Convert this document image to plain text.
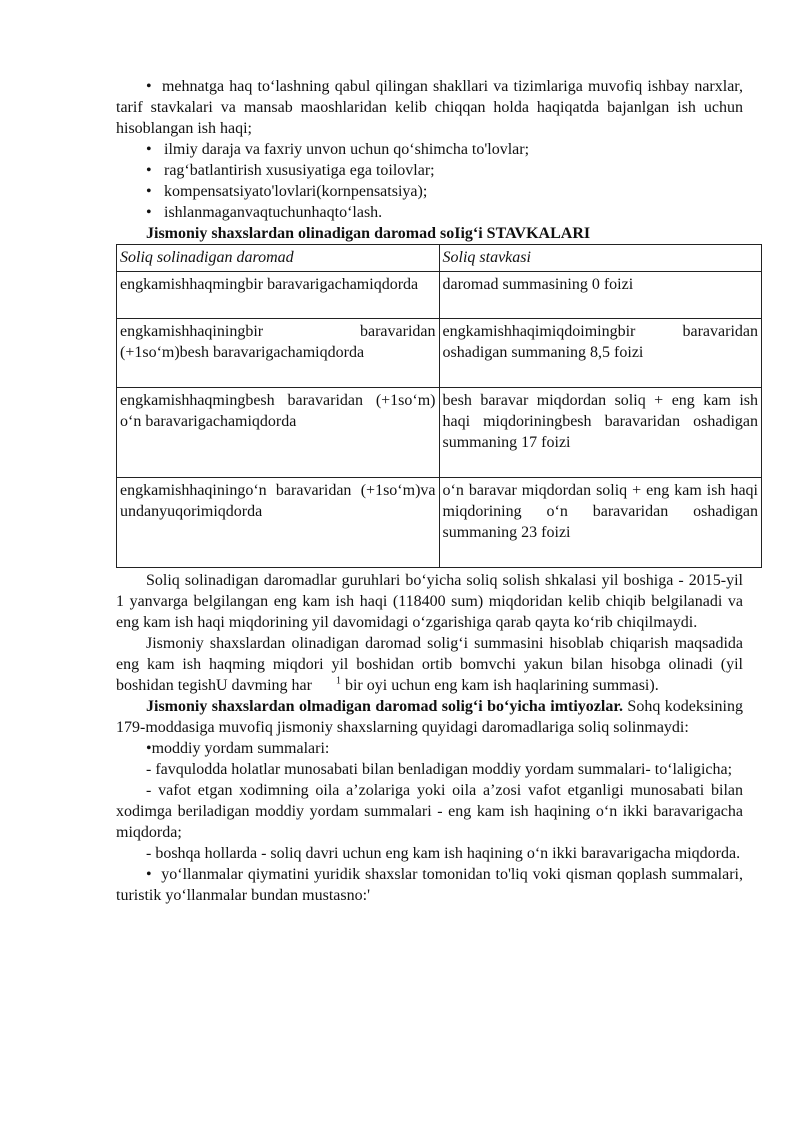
• mehnatga haq to‘lashning qabul qilingan shakllari va tizimlariga muvofiq ishbay narxlar, tarif stavkalari va mansab maoshlaridan kelib chiqqan holda haqiqatda bajanlgan ish uchun hisoblangan ish haqi;

• ilmiy daraja va faxriy unvon uchun qo‘shimcha to'lovlar;

• rag‘batlantirish xususiyatiga ega toilovlar;

• kompensatsiyato'lovlari(kornpensatsiya);

• ishlanmaganvaqtuchunhaqto‘lash.

Jismoniy shaxslardan olinadigan daromad soIig‘i STAVKALARI

Soliq solinadigan daromad	Soliq stavkasi
engkamishhaqmingbir baravarigachamiqdorda	daromad summasining 0 foizi
engkamishhaqiningbir baravaridan (+1so‘m)besh baravarigachamiqdorda	engkamishhaqimiqdoimingbir baravaridan oshadigan summaning 8,5 foizi
engkamishhaqmingbesh baravaridan (+1so‘m) o‘n baravarigachamiqdorda	besh baravar miqdordan soliq + eng kam ish haqi miqdoriningbesh baravaridan oshadigan summaning 17 foizi
engkamishhaqiningo‘n baravaridan (+1so‘m)va undanyuqorimiqdorda	o‘n baravar miqdordan soliq + eng kam ish haqi miqdorining o‘n baravaridan oshadigan summaning 23 foizi

Soliq solinadigan daromadlar guruhlari bo‘yicha soliq solish shkalasi yil boshiga - 2015-yil 1 yanvarga belgilangan eng kam ish haqi (118400 sum) miqdoridan kelib chiqib belgilanadi va eng kam ish haqi miqdorining yil davomidagi o‘zgarishiga qarab qayta ko‘rib chiqilmaydi.

Jismoniy shaxslardan olinadigan daromad solig‘i summasini hisoblab chiqarish maqsadida eng kam ish haqming miqdori yil boshidan ortib bomvchi yakun bilan hisobga olinadi (yil boshidan tegishU davming har $^1$ bir oyi uchun eng kam ish haqlarining summasi).

Jismoniy shaxslardan olmadigan daromad solig‘i bo‘yicha imtiyozlar. Sohq kodeksining 179-moddasiga muvofiq jismoniy shaxslarning quyidagi daromadlariga soliq solinmaydi:

•moddiy yordam summalari:

- favqulodda holatlar munosabati bilan benladigan moddiy yordam summalari- to‘laligicha;

- vafot etgan xodimning oila a’zolariga yoki oila a’zosi vafot etganligi munosabati bilan xodimga beriladigan moddiy yordam summalari - eng kam ish haqining o‘n ikki baravarigacha miqdorda;

- boshqa hollarda - soliq davri uchun eng kam ish haqining o‘n ikki baravarigacha miqdorda.

• yo‘llanmalar qiymatini yuridik shaxslar tomonidan to'liq voki qisman qoplash summalari, turistik yo‘llanmalar bundan mustasno:'
